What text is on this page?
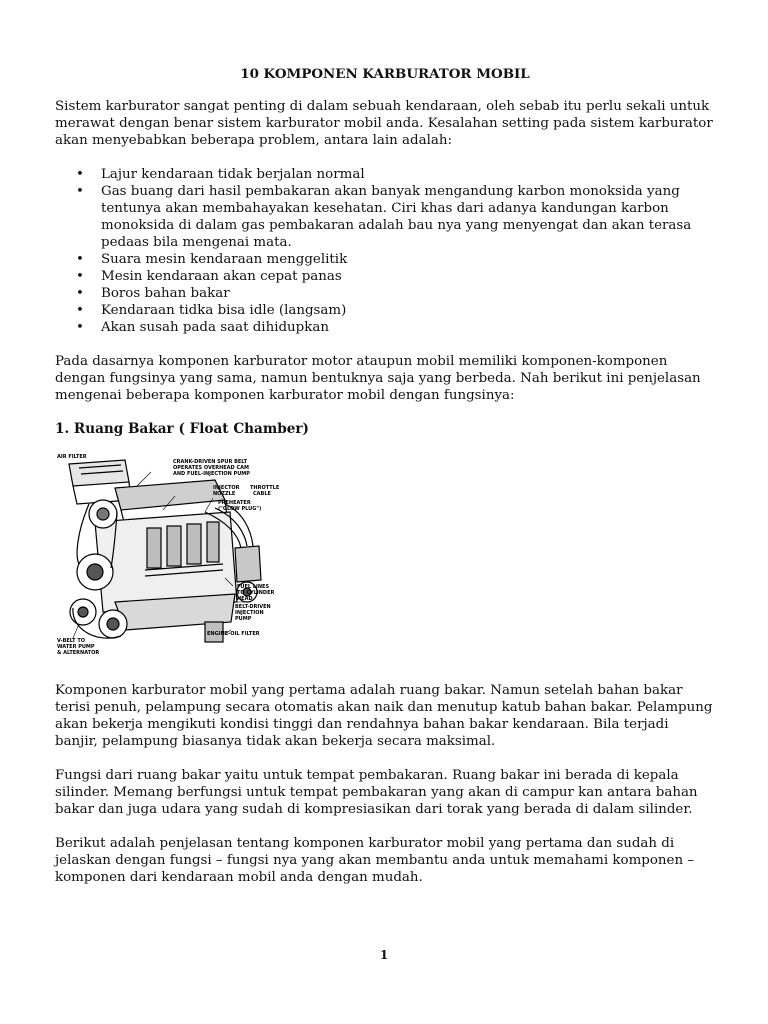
10 KOMPONEN KARBURATOR MOBIL

Sistem karburator sangat penting di dalam sebuah kendaraan, oleh sebab itu perlu sekali untuk merawat dengan benar sistem karburator mobil anda. Kesalahan setting pada sistem karburator akan menyebabkan beberapa problem, antara lain adalah:

• Lajur kendaraan tidak berjalan normal
• Gas buang dari hasil pembakaran akan banyak mengandung karbon monoksida yang tentunya akan membahayakan kesehatan. Ciri khas dari adanya kandungan karbon monoksida di dalam gas pembakaran adalah bau nya yang menyengat dan akan terasa pedaas bila mengenai mata.
• Suara mesin kendaraan menggelitik
• Mesin kendaraan akan cepat panas
• Boros bahan bakar
• Kendaraan tidka bisa idle (langsam)
• Akan susah pada saat dihidupkan

Pada dasarnya komponen karburator motor ataupun mobil memiliki komponen-komponen dengan fungsinya yang sama, namun bentuknya saja yang berbeda. Nah berikut ini penjelasan mengenai beberapa komponen karburator mobil dengan fungsinya:

1. Ruang Bakar ( Float Chamber)
AIR FILTER
CRANK-DRIVEN SPUR BELT
OPERATES OVERHEAD CAM
AND FUEL-INJECTION PUMP
INJECTOR
NOZZLE
THROTTLE
CABLE
PREHEATER
("GLOW PLUG")
FUEL LINES
TO CYLINDER
HEAD
BELT-DRIVEN
INJECTION
PUMP
ENGINE-OIL FILTER
V-BELT TO
WATER PUMP
& ALTERNATOR

Komponen karburator mobil yang pertama adalah ruang bakar. Namun setelah bahan bakar terisi penuh, pelampung secara otomatis akan naik dan menutup katub bahan bakar. Pelampung akan bekerja mengikuti kondisi tinggi dan rendahnya bahan bakar kendaraan. Bila terjadi banjir, pelampung biasanya tidak akan bekerja secara maksimal.

Fungsi dari ruang bakar yaitu untuk tempat pembakaran. Ruang bakar ini berada di kepala silinder. Memang berfungsi untuk tempat pembakaran yang akan di campur kan antara bahan bakar dan juga udara yang sudah di kompresiasikan dari torak yang berada di dalam silinder.

Berikut adalah penjelasan tentang komponen karburator mobil yang pertama dan sudah di jelaskan dengan fungsi – fungsi nya yang akan membantu anda untuk memahami komponen – komponen dari kendaraan mobil anda dengan mudah.

1
